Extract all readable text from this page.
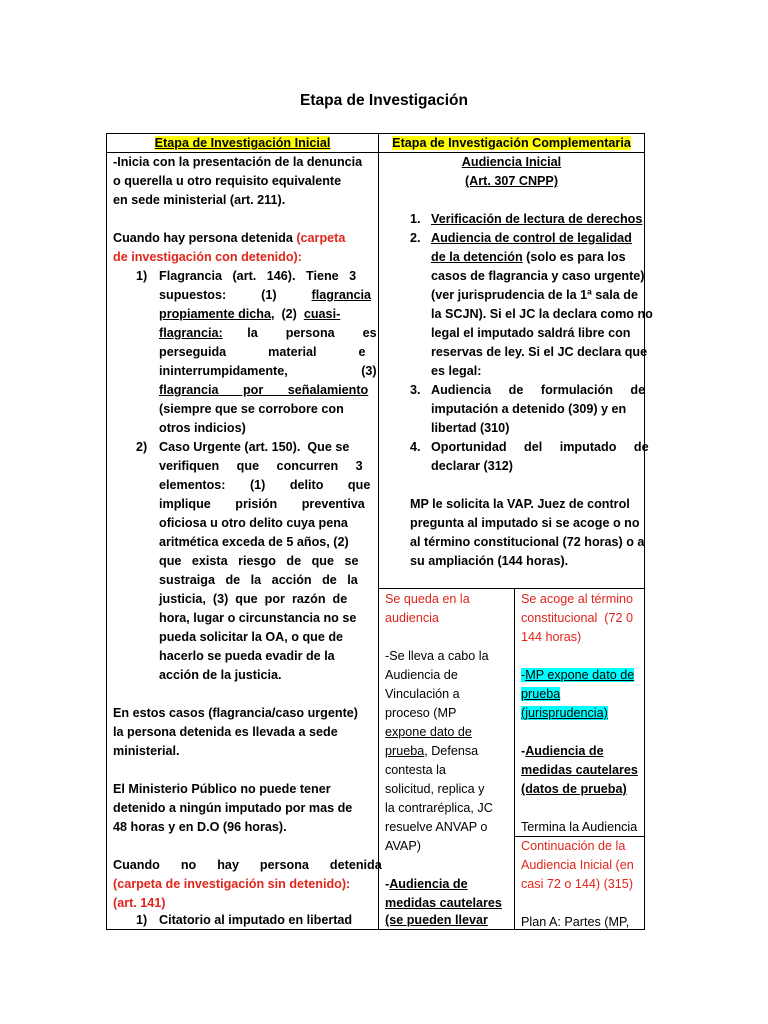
Etapa de Investigación
Etapa de Investigación Inicial	Etapa de Investigación Complementaria
-Inicia con la presentación de la denuncia
o querella u otro requisito equivalente
en sede ministerial (art. 211).
Cuando hay persona detenida (carpeta
de investigación con detenido):
1) Flagrancia   (art.   146).   Tiene   3
supuestos:          (1)          flagrancia
propiamente dicha,  (2)  cuasi-
flagrancia:       la        persona        es
perseguida            material            e
ininterrumpidamente,                     (3)
flagrancia       por       señalamiento
(siempre que se corrobore con
otros indicios)
2) Caso Urgente (art. 150).  Que se
verifiquen     que     concurren     3
elementos:       (1)       delito       que
implique       prisión       preventiva
oficiosa u otro delito cuya pena
aritmética exceda de 5 años, (2)
que   exista   riesgo   de   que   se
sustraiga   de   la   acción   de   la
justicia,  (3)  que  por  razón  de
hora, lugar o circunstancia no se
pueda solicitar la OA, o que de
hacerlo se pueda evadir de la
acción de la justicia.
En estos casos (flagrancia/caso urgente)
la persona detenida es llevada a sede
ministerial.
El Ministerio Público no puede tener
detenido a ningún imputado por mas de
48 horas y en D.O (96 horas).
Cuando      no      hay      persona      detenida
(carpeta de investigación sin detenido):
(art. 141)
1) Citatorio al imputado en libertad
Audiencia Inicial
(Art. 307 CNPP)
1. Verificación de lectura de derechos
2. Audiencia de control de legalidad
de la detención (solo es para los
casos de flagrancia y caso urgente)
(ver jurisprudencia de la 1ª sala de
la SCJN). Si el JC la declara como no
legal el imputado saldrá libre con
reservas de ley. Si el JC declara que
es legal:
3. Audiencia     de     formulación     de
imputación a detenido (309) y en
libertad (310)
4. Oportunidad     del     imputado     de
declarar (312)
MP le solicita la VAP. Juez de control
pregunta al imputado si se acoge o no
al término constitucional (72 horas) o a
su ampliación (144 horas).
Se queda en la
audiencia
-Se lleva a cabo la
Audiencia de
Vinculación a
proceso (MP
expone dato de
prueba, Defensa
contesta la
solicitud, replica y
la contraréplica, JC
resuelve ANVAP o
AVAP)
-Audiencia de
medidas cautelares
(se pueden llevar
Se acoge al término
constitucional  (72 0
144 horas)
-MP expone dato de
prueba
(jurisprudencia)
-Audiencia de
medidas cautelares
(datos de prueba)
Termina la Audiencia
Continuación de la
Audiencia Inicial (en
casi 72 o 144) (315)
Plan A: Partes (MP,
